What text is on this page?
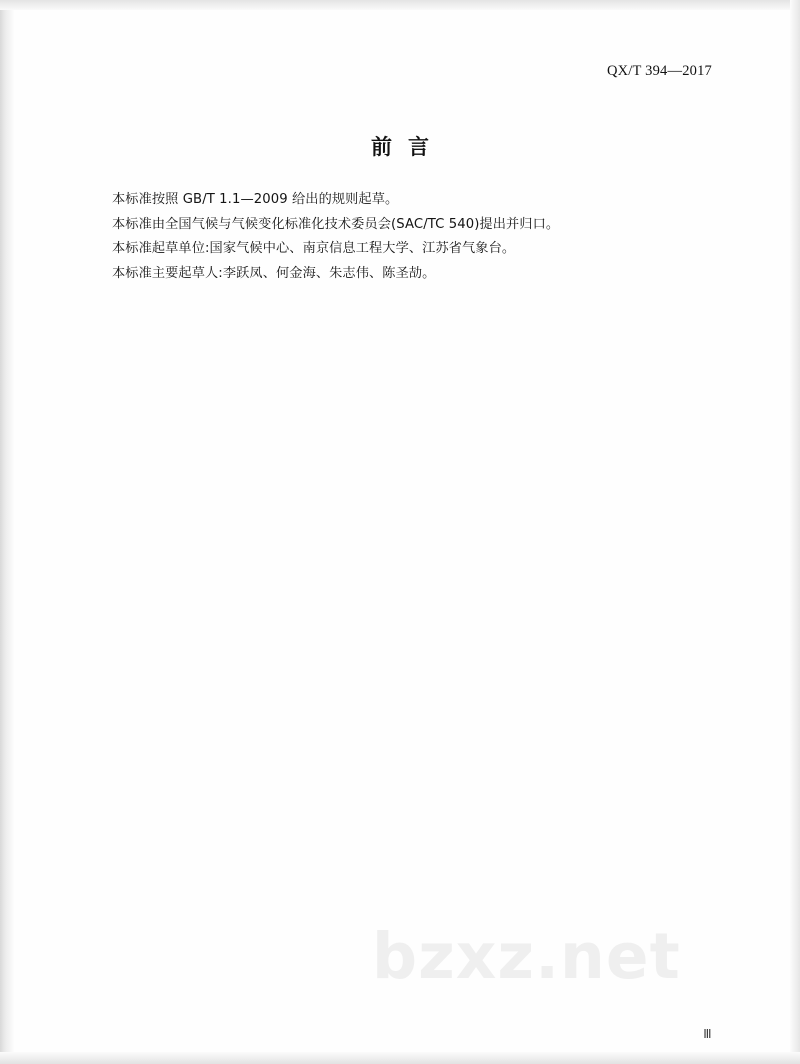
QX/T 394—2017
前言
本标准按照 GB/T 1.1—2009 给出的规则起草。
本标准由全国气候与气候变化标准化技术委员会(SAC/TC 540)提出并归口。
本标准起草单位:国家气候中心、南京信息工程大学、江苏省气象台。
本标准主要起草人:李跃凤、何金海、朱志伟、陈圣劼。
bzxz.net
Ⅲ
